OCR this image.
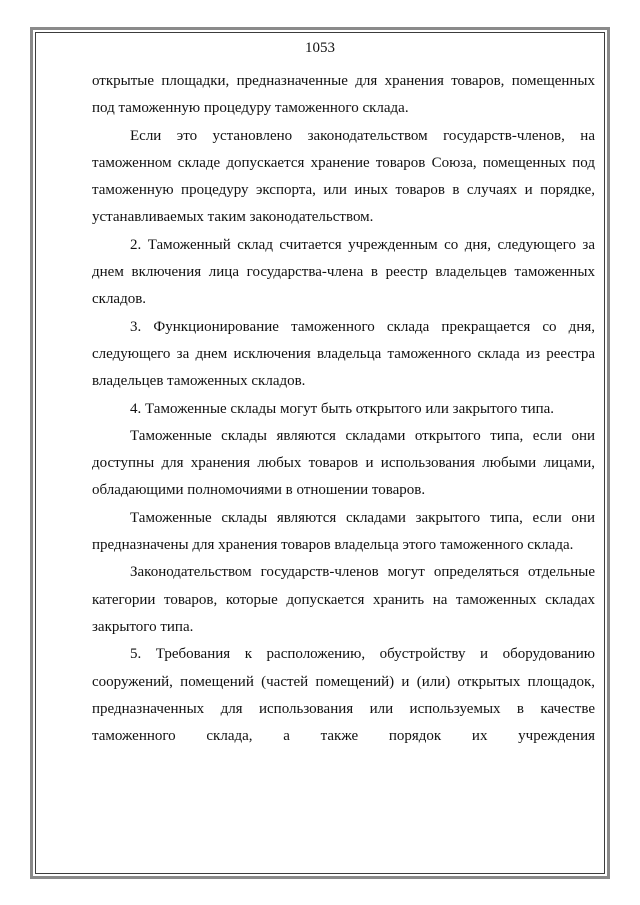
1053

открытые площадки, предназначенные для хранения товаров, помещенных под таможенную процедуру таможенного склада.

Если это установлено законодательством государств-членов, на таможенном складе допускается хранение товаров Союза, помещенных под таможенную процедуру экспорта, или иных товаров в случаях и порядке, устанавливаемых таким законодательством.

2. Таможенный склад считается учрежденным со дня, следующего за днем включения лица государства-члена в реестр владельцев таможенных складов.

3. Функционирование таможенного склада прекращается со дня, следующего за днем исключения владельца таможенного склада из реестра владельцев таможенных складов.

4. Таможенные склады могут быть открытого или закрытого типа.

Таможенные склады являются складами открытого типа, если они доступны для хранения любых товаров и использования любыми лицами, обладающими полномочиями в отношении товаров.

Таможенные склады являются складами закрытого типа, если они предназначены для хранения товаров владельца этого таможенного склада.

Законодательством государств-членов могут определяться отдельные категории товаров, которые допускается хранить на таможенных складах закрытого типа.

5. Требования к расположению, обустройству и оборудованию сооружений, помещений (частей помещений) и (или) открытых площадок, предназначенных для использования или используемых в качестве таможенного склада, а также порядок их учреждения
